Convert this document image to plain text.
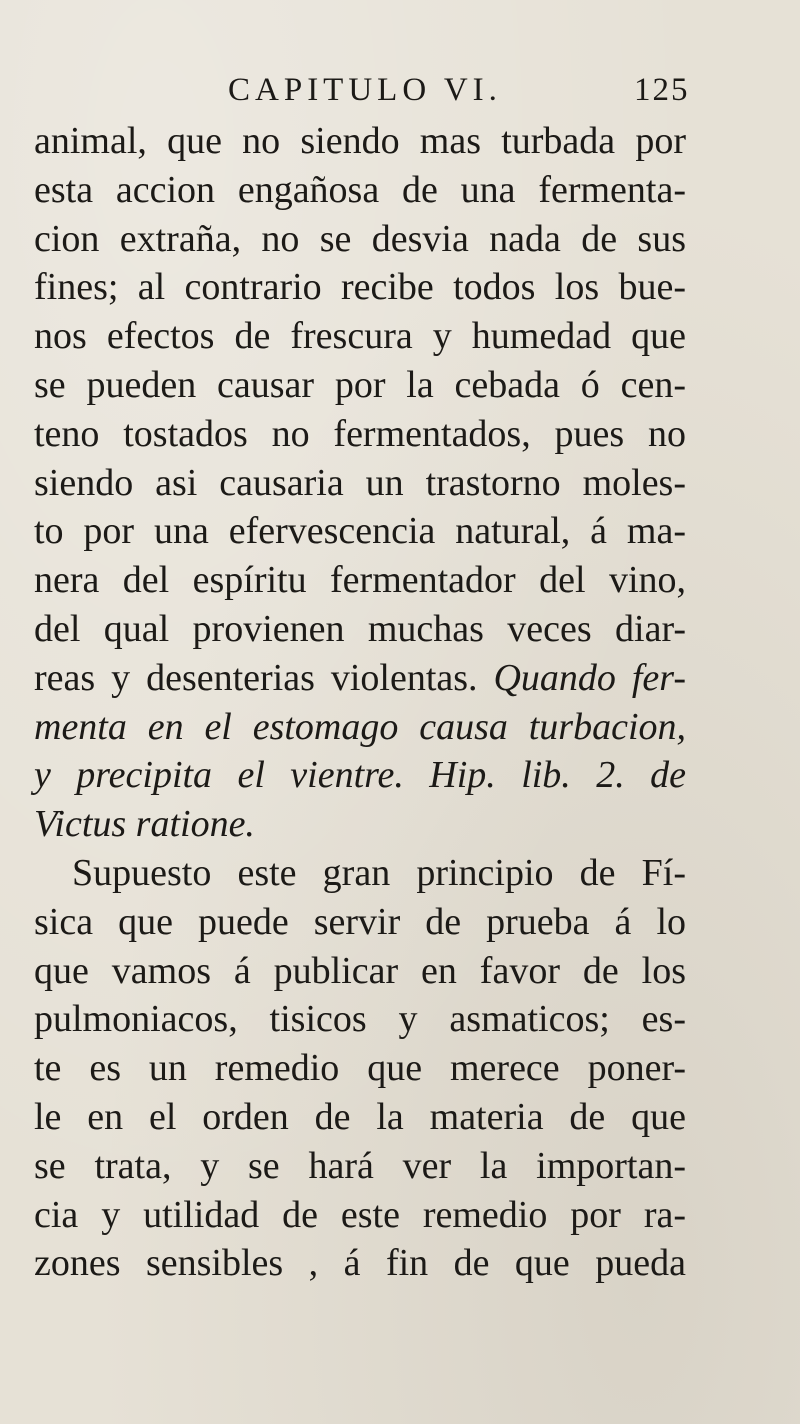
CAPITULO VI.	125
animal, que no siendo mas turbada por
esta accion engañosa de una fermenta-
cion extraña, no se desvia nada de sus
fines; al contrario recibe todos los bue-
nos efectos de frescura y humedad que
se pueden causar por la cebada ó cen-
teno tostados no fermentados, pues no
siendo asi causaria un trastorno moles-
to por una efervescencia natural, á ma-
nera del espíritu fermentador del vino,
del qual provienen muchas veces diar-
reas y desenterias violentas. Quando fer-
menta en el estomago causa turbacion,
y precipita el vientre. Hip. lib. 2. de
Victus ratione.
Supuesto este gran principio de Fí-
sica que puede servir de prueba á lo
que vamos á publicar en favor de los
pulmoniacos, tisicos y asmaticos; es-
te es un remedio que merece poner-
le en el orden de la materia de que
se trata, y se hará ver la importan-
cia y utilidad de este remedio por ra-
zones sensibles , á fin de que pueda
